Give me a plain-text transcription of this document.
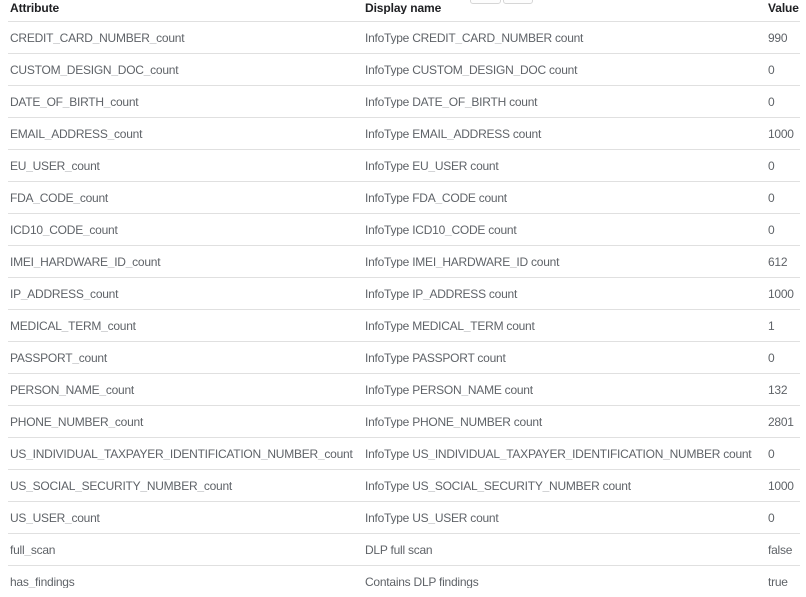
Attribute	Display name	Value
CREDIT_CARD_NUMBER_count	InfoType CREDIT_CARD_NUMBER count	990
CUSTOM_DESIGN_DOC_count	InfoType CUSTOM_DESIGN_DOC count	0
DATE_OF_BIRTH_count	InfoType DATE_OF_BIRTH count	0
EMAIL_ADDRESS_count	InfoType EMAIL_ADDRESS count	1000
EU_USER_count	InfoType EU_USER count	0
FDA_CODE_count	InfoType FDA_CODE count	0
ICD10_CODE_count	InfoType ICD10_CODE count	0
IMEI_HARDWARE_ID_count	InfoType IMEI_HARDWARE_ID count	612
IP_ADDRESS_count	InfoType IP_ADDRESS count	1000
MEDICAL_TERM_count	InfoType MEDICAL_TERM count	1
PASSPORT_count	InfoType PASSPORT count	0
PERSON_NAME_count	InfoType PERSON_NAME count	132
PHONE_NUMBER_count	InfoType PHONE_NUMBER count	2801
US_INDIVIDUAL_TAXPAYER_IDENTIFICATION_NUMBER_count	InfoType US_INDIVIDUAL_TAXPAYER_IDENTIFICATION_NUMBER count	0
US_SOCIAL_SECURITY_NUMBER_count	InfoType US_SOCIAL_SECURITY_NUMBER count	1000
US_USER_count	InfoType US_USER count	0
full_scan	DLP full scan	false
has_findings	Contains DLP findings	true
